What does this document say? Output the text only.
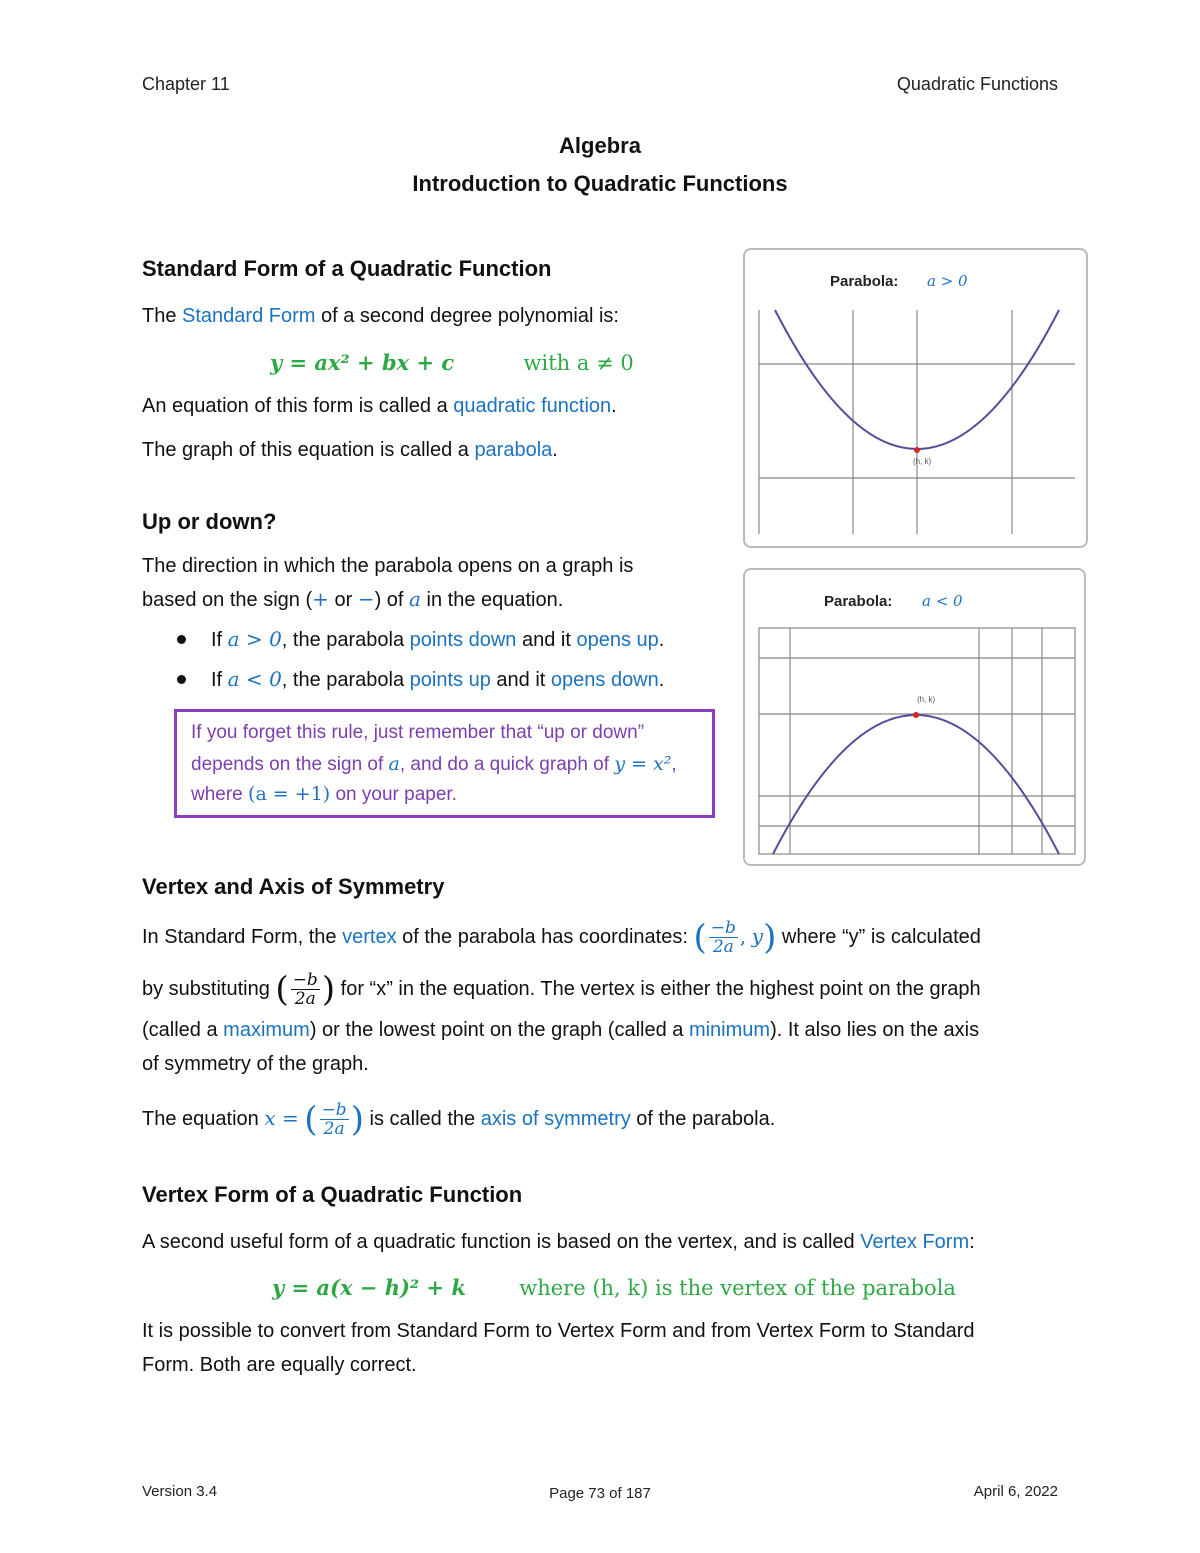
Chapter 11	Quadratic Functions
Algebra
Introduction to Quadratic Functions
Standard Form of a Quadratic Function
The Standard Form of a second degree polynomial is:
y = ax² + bx + c	with a ≠ 0
An equation of this form is called a quadratic function.
The graph of this equation is called a parabola.
Up or down?
The direction in which the parabola opens on a graph is
based on the sign (+ or −) of a in the equation.
If a > 0, the parabola points down and it opens up.
If a < 0, the parabola points up and it opens down.
If you forget this rule, just remember that “up or down”
depends on the sign of a, and do a quick graph of y = x²,
where (a = +1) on your paper.
Parabola: a > 0
(h, k)
Parabola: a < 0
(h, k)
Vertex and Axis of Symmetry
In Standard Form, the vertex of the parabola has coordinates: ( $\frac{-b}{2a}$ , y) where “y” is calculated
by substituting ( $\frac{-b}{2a}$ ) for “x” in the equation. The vertex is either the highest point on the graph
(called a maximum) or the lowest point on the graph (called a minimum). It also lies on the axis
of symmetry of the graph.
The equation x = ( $\frac{-b}{2a}$ ) is called the axis of symmetry of the parabola.
Vertex Form of a Quadratic Function
A second useful form of a quadratic function is based on the vertex, and is called Vertex Form:
y = a(x − h)² + k	where (h, k) is the vertex of the parabola
It is possible to convert from Standard Form to Vertex Form and from Vertex Form to Standard
Form. Both are equally correct.
Version 3.4	Page 73 of 187	April 6, 2022
